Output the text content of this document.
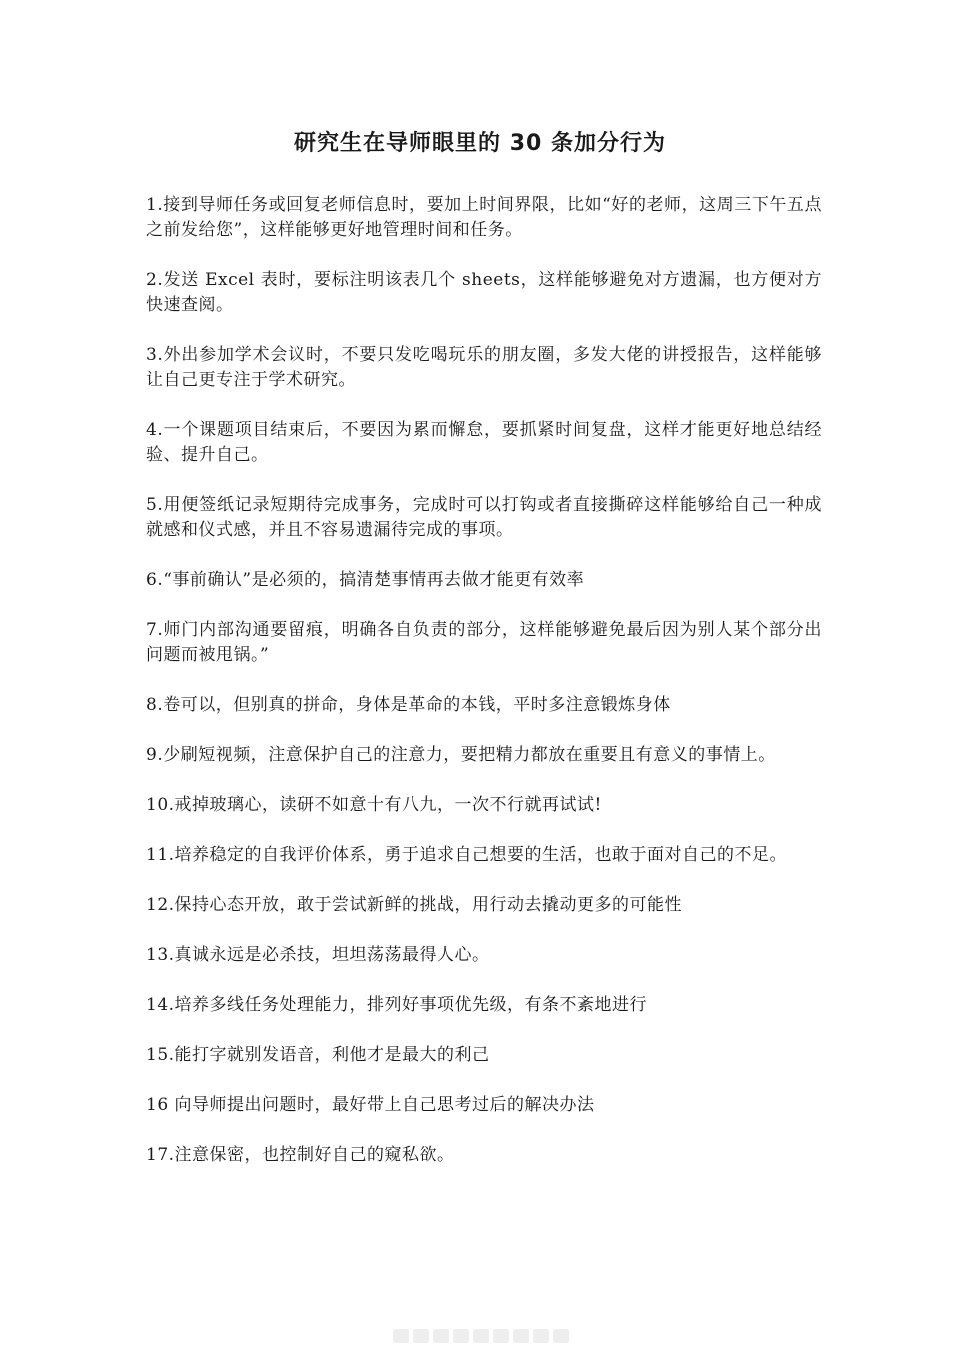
研究生在导师眼里的 30 条加分行为

1.接到导师任务或回复老师信息时，要加上时间界限，比如“好的老师，这周三下午五点之前发给您”，这样能够更好地管理时间和任务。

2.发送 Excel 表时，要标注明该表几个 sheets，这样能够避免对方遗漏，也方便对方快速查阅。

3.外出参加学术会议时，不要只发吃喝玩乐的朋友圈，多发大佬的讲授报告，这样能够让自己更专注于学术研究。

4.一个课题项目结束后，不要因为累而懈怠，要抓紧时间复盘，这样才能更好地总结经验、提升自己。

5.用便签纸记录短期待完成事务，完成时可以打钩或者直接撕碎这样能够给自己一种成就感和仪式感，并且不容易遗漏待完成的事项。

6.“事前确认”是必须的，搞清楚事情再去做才能更有效率

7.师门内部沟通要留痕，明确各自负责的部分，这样能够避免最后因为别人某个部分出问题而被甩锅。”

8.卷可以，但别真的拼命，身体是革命的本钱，平时多注意锻炼身体

9.少刷短视频，注意保护自己的注意力，要把精力都放在重要且有意义的事情上。

10.戒掉玻璃心，读研不如意十有八九，一次不行就再试试!

11.培养稳定的自我评价体系，勇于追求自己想要的生活，也敢于面对自己的不足。

12.保持心态开放，敢于尝试新鲜的挑战，用行动去撬动更多的可能性

13.真诚永远是必杀技，坦坦荡荡最得人心。

14.培养多线任务处理能力，排列好事项优先级，有条不紊地进行

15.能打字就别发语音，利他才是最大的利己

16 向导师提出问题时，最好带上自己思考过后的解决办法

17.注意保密，也控制好自己的窥私欲。
